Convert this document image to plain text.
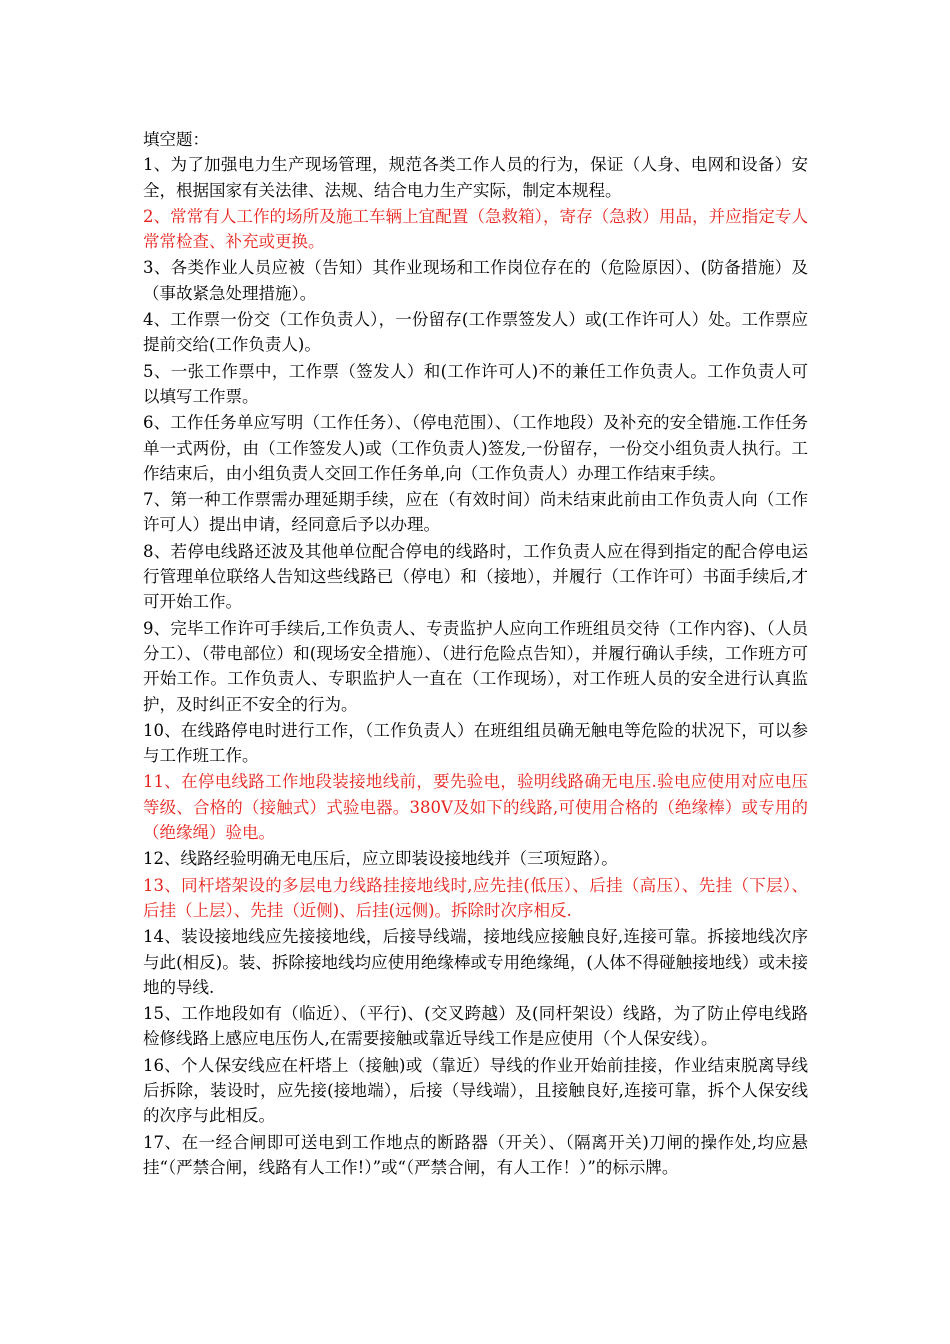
填空题：

1、为了加强电力生产现场管理，规范各类工作人员的行为，保证（人身、电网和设备）安全，根据国家有关法律、法规、结合电力生产实际，制定本规程。

2、常常有人工作的场所及施工车辆上宜配置（急救箱），寄存（急救）用品，并应指定专人常常检查、补充或更换。

3、各类作业人员应被（告知）其作业现场和工作岗位存在的（危险原因）、(防备措施）及（事故紧急处理措施）。

4、工作票一份交（工作负责人），一份留存(工作票签发人）或(工作许可人）处。工作票应提前交给(工作负责人)。

5、一张工作票中，工作票（签发人）和(工作许可人)不的兼任工作负责人。工作负责人可以填写工作票。

6、工作任务单应写明（工作任务）、（停电范围）、（工作地段）及补充的安全错施.工作任务单一式两份，由（工作签发人)或（工作负责人)签发,一份留存，一份交小组负责人执行。工作结束后，由小组负责人交回工作任务单,向（工作负责人）办理工作结束手续。

7、第一种工作票需办理延期手续，应在（有效时间）尚未结束此前由工作负责人向（工作许可人）提出申请，经同意后予以办理。

8、若停电线路还波及其他单位配合停电的线路时，工作负责人应在得到指定的配合停电运行管理单位联络人告知这些线路已（停电）和（接地），并履行（工作许可）书面手续后,才可开始工作。

9、完毕工作许可手续后,工作负责人、专责监护人应向工作班组员交待（工作内容)、（人员分工）、（带电部位）和(现场安全措施）、（进行危险点告知），并履行确认手续，工作班方可开始工作。工作负责人、专职监护人一直在（工作现场），对工作班人员的安全进行认真监护，及时纠正不安全的行为。

10、在线路停电时进行工作，（工作负责人）在班组组员确无触电等危险的状况下，可以参与工作班工作。

11、在停电线路工作地段装接地线前，要先验电，验明线路确无电压.验电应使用对应电压等级、合格的（接触式）式验电器。380V及如下的线路,可使用合格的（绝缘棒）或专用的（绝缘绳）验电。

12、线路经验明确无电压后，应立即装设接地线并（三项短路）。

13、同杆塔架设的多层电力线路挂接地线时,应先挂(低压）、后挂（高压）、先挂（下层）、后挂（上层）、先挂（近侧)、后挂(远侧)。拆除时次序相反.

14、装设接地线应先接接地线，后接导线端，接地线应接触良好,连接可靠。拆接地线次序与此(相反)。装、拆除接地线均应使用绝缘棒或专用绝缘绳，(人体不得碰触接地线）或未接地的导线.

15、工作地段如有（临近）、（平行)、(交叉跨越）及(同杆架设）线路，为了防止停电线路检修线路上感应电压伤人,在需要接触或靠近导线工作是应使用（个人保安线）。

16、个人保安线应在杆塔上（接触)或（靠近）导线的作业开始前挂接，作业结束脱离导线后拆除，装设时，应先接(接地端），后接（导线端），且接触良好,连接可靠，拆个人保安线的次序与此相反。

17、在一经合闸即可送电到工作地点的断路器（开关）、（隔离开关)刀闸的操作处,均应悬挂“（严禁合闸，线路有人工作!）”或“（严禁合闸，有人工作！）”的标示牌。
